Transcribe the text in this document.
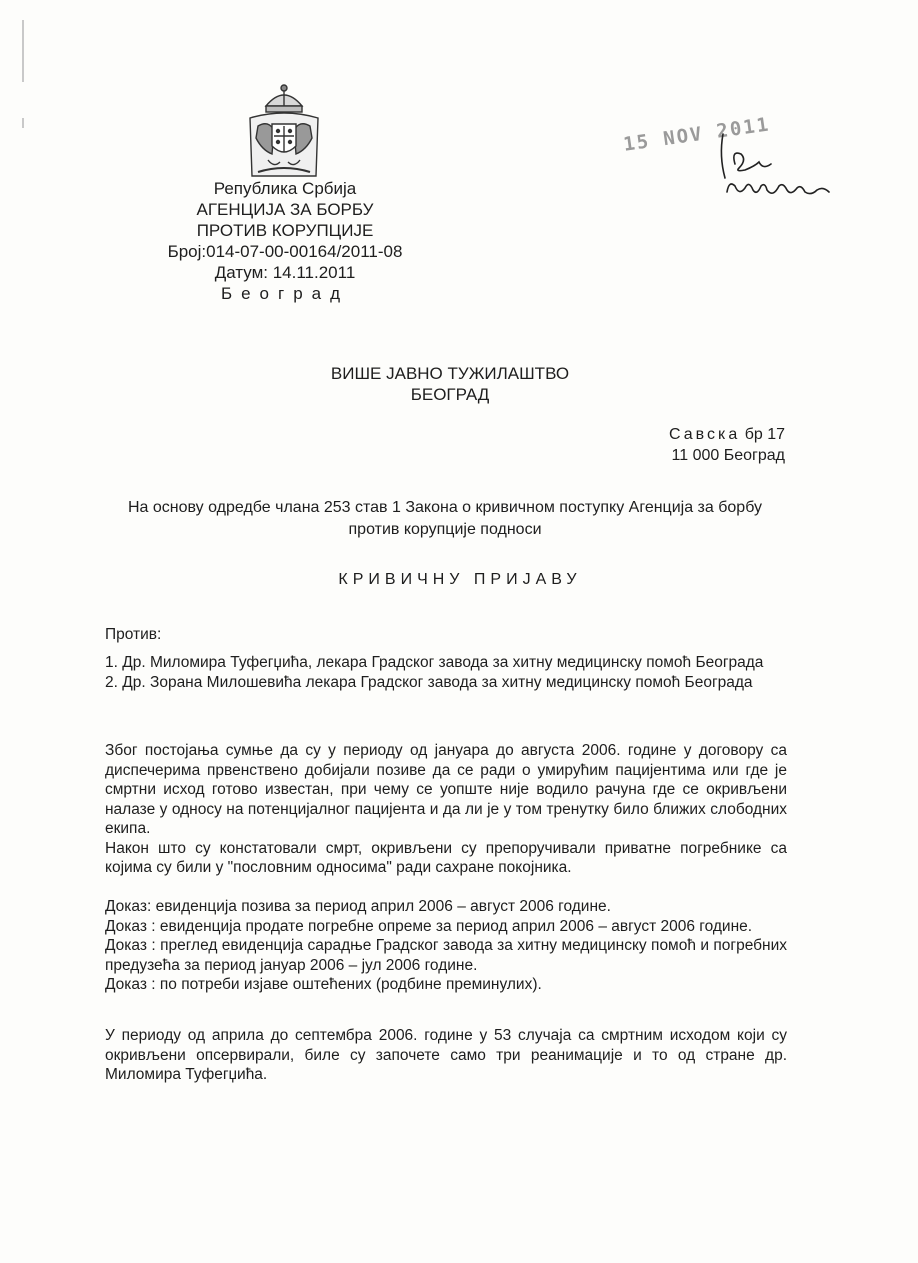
Република Србија
АГЕНЦИЈА ЗА БОРБУ
ПРОТИВ КОРУПЦИЈЕ
Број:014-07-00-00164/2011-08
Датум: 14.11.2011
Београд
15 NOV 2011
ВИШЕ ЈАВНО ТУЖИЛАШТВО
БЕОГРАД
Савска бр 17
11 000 Београд
На основу одредбе члана 253 став 1 Закона о кривичном поступку Агенција за борбу
против корупције подноси
КРИВИЧНУ ПРИЈАВУ
Против:

1. Др. Миломира Туфегџића, лекара Градског завода за хитну медицинску помоћ Београда

2. Др. Зорана Милошевића лекара Градског завода за хитну медицинску помоћ Београда

Због постојања сумње да су у периоду од јануара до августа 2006. године у договору са диспечерима првенствено добијали позиве да се ради о умирућим пацијентима или где је смртни исход готово известан, при чему се уопште није водило рачуна где се окривљени налазе у односу на потенцијалног пацијента и да ли је у том тренутку било ближих слободних екипа.

Након што су констатовали смрт, окривљени су препоручивали приватне погребнике са којима су били у "пословним односима" ради сахране покојника.

Доказ: евиденција позива за период април 2006 – август 2006 године.

Доказ : евиденција продате погребне опреме за период април 2006 – август 2006 године.

Доказ : преглед евиденција сарадње Градског завода за хитну медицинску помоћ и погребних предузећа за период јануар 2006 – јул 2006 године.

Доказ : по потреби изјаве оштећених (родбине преминулих).

У периоду од априла до септембра 2006. године у 53 случаја са смртним исходом који су окривљени опсервирали, биле су започете само три реанимације и то од стране др. Миломира Туфегџића.
